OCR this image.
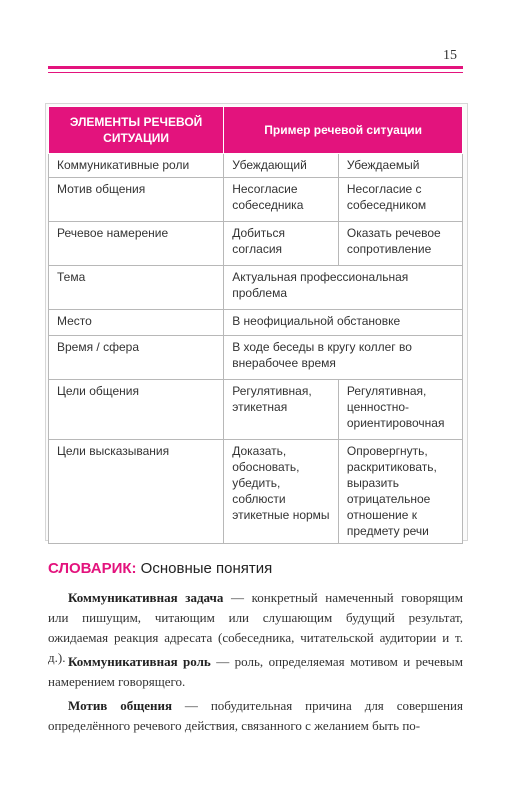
15
ЭЛЕМЕНТЫ РЕЧЕВОЙ СИТУАЦИИ	Пример речевой ситуации	
Коммуникативные роли	Убеждающий	Убеждаемый
Мотив общения	Несогласие собеседника	Несогласие с собеседником
Речевое намерение	Добиться согласия	Оказать речевое сопротивление
Тема	Актуальная профессиональная проблема	
Место	В неофициальной обстановке	
Время / сфера	В ходе беседы в кругу коллег во внерабочее время	
Цели общения	Регулятивная, этикетная	Регулятивная, ценностно-ориентировочная
Цели высказывания	Доказать, обосновать, убедить, соблюсти этикетные нормы	Опровергнуть, раскритиковать, выразить отрицательное отношение к предмету речи
СЛОВАРИК: Основные понятия
Коммуникативная задача — конкретный намеченный говорящим или пишущим, читающим или слушающим будущий результат, ожидаемая реакция адресата (собеседника, читательской аудитории и т. д.). Коммуникативная роль — роль, определяемая мотивом и речевым намерением говорящего.
Мотив общения — побудительная причина для совершения определённого речевого действия, связанного с желанием быть по-
